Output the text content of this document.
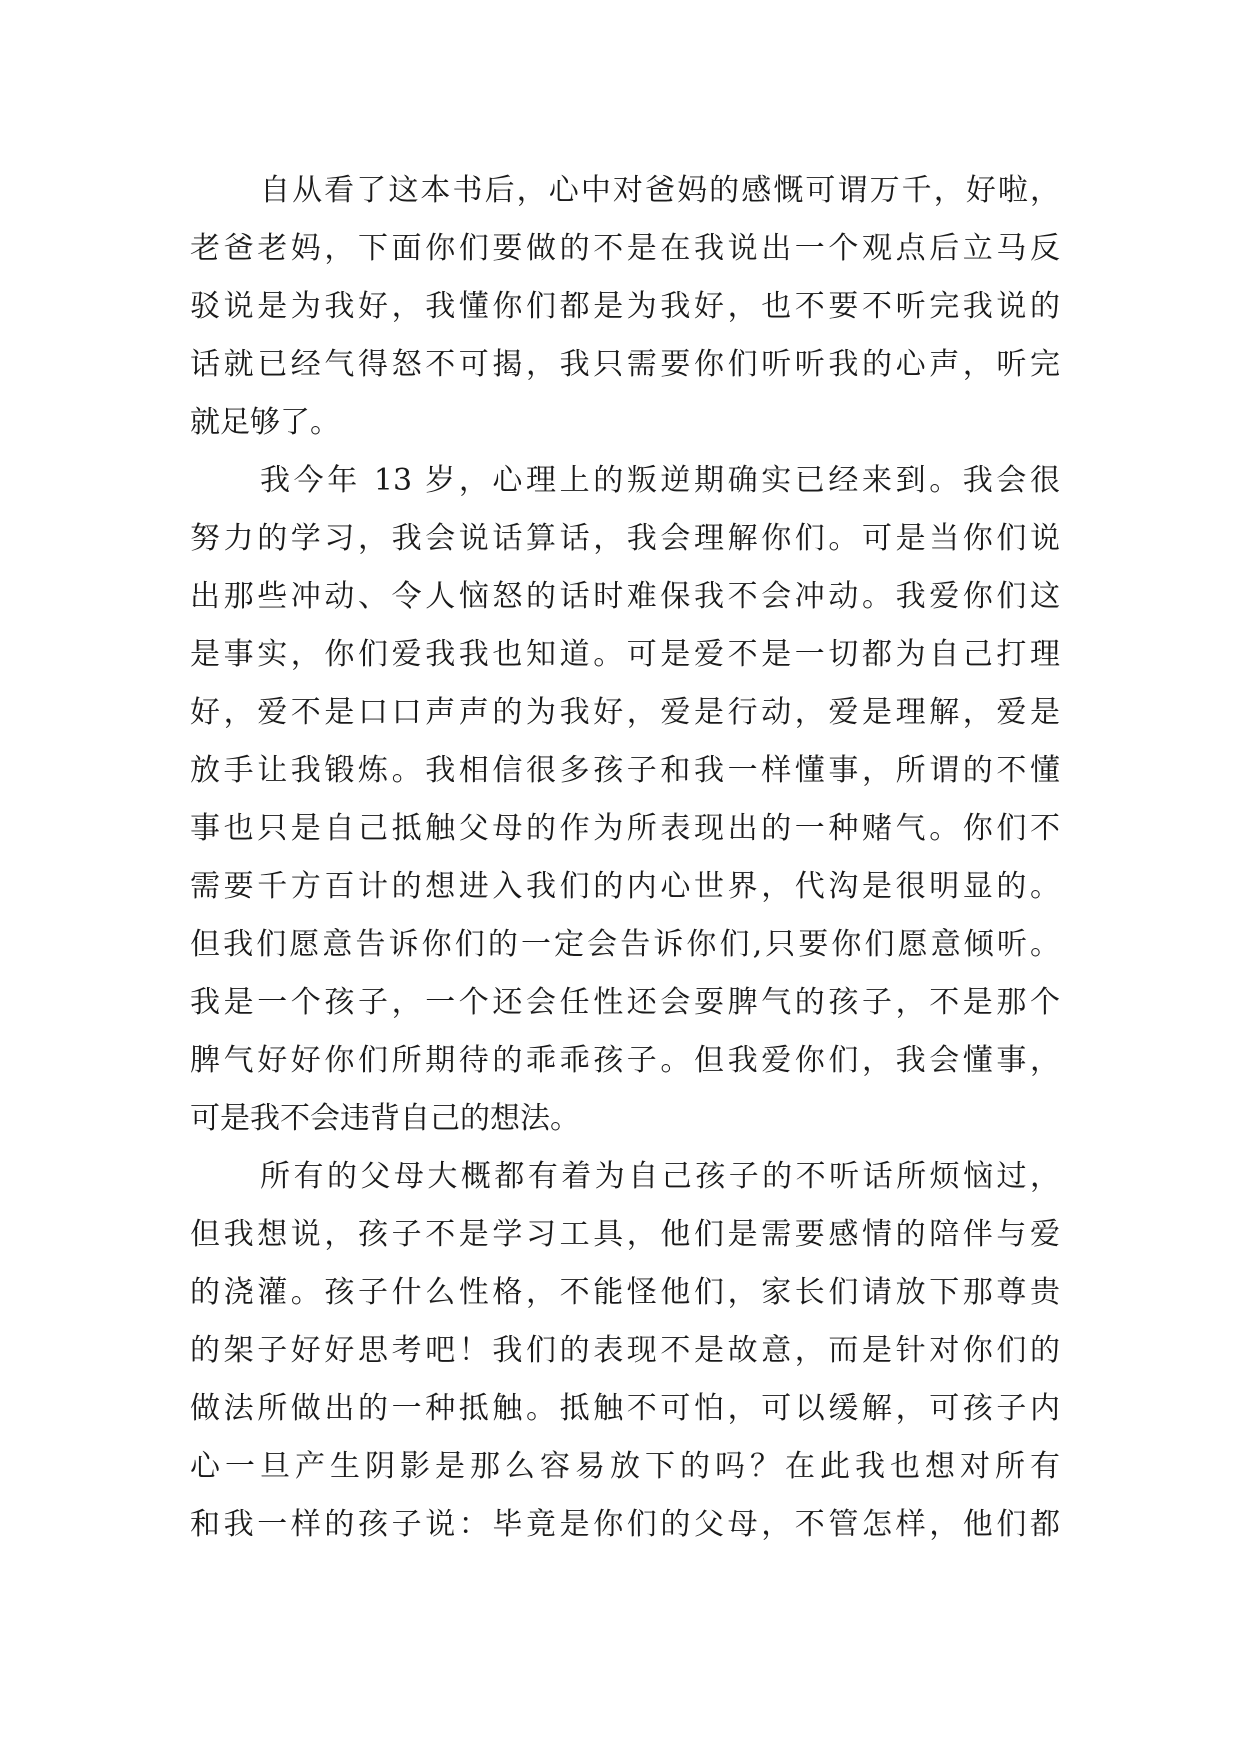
自从看了这本书后，心中对爸妈的感慨可谓万千，好啦，
老爸老妈，下面你们要做的不是在我说出一个观点后立马反
驳说是为我好，我懂你们都是为我好，也不要不听完我说的
话就已经气得怒不可揭，我只需要你们听听我的心声，听完
就足够了。
我今年 13 岁，心理上的叛逆期确实已经来到。我会很
努力的学习，我会说话算话，我会理解你们。可是当你们说
出那些冲动、令人恼怒的话时难保我不会冲动。我爱你们这
是事实，你们爱我我也知道。可是爱不是一切都为自己打理
好，爱不是口口声声的为我好，爱是行动，爱是理解，爱是
放手让我锻炼。我相信很多孩子和我一样懂事，所谓的不懂
事也只是自己抵触父母的作为所表现出的一种赌气。你们不
需要千方百计的想进入我们的内心世界，代沟是很明显的。
但我们愿意告诉你们的一定会告诉你们,只要你们愿意倾听。
我是一个孩子，一个还会任性还会耍脾气的孩子，不是那个
脾气好好你们所期待的乖乖孩子。但我爱你们，我会懂事，
可是我不会违背自己的想法。
所有的父母大概都有着为自己孩子的不听话所烦恼过，
但我想说，孩子不是学习工具，他们是需要感情的陪伴与爱
的浇灌。孩子什么性格，不能怪他们，家长们请放下那尊贵
的架子好好思考吧！我们的表现不是故意，而是针对你们的
做法所做出的一种抵触。抵触不可怕，可以缓解，可孩子内
心一旦产生阴影是那么容易放下的吗？在此我也想对所有
和我一样的孩子说：毕竟是你们的父母，不管怎样，他们都
